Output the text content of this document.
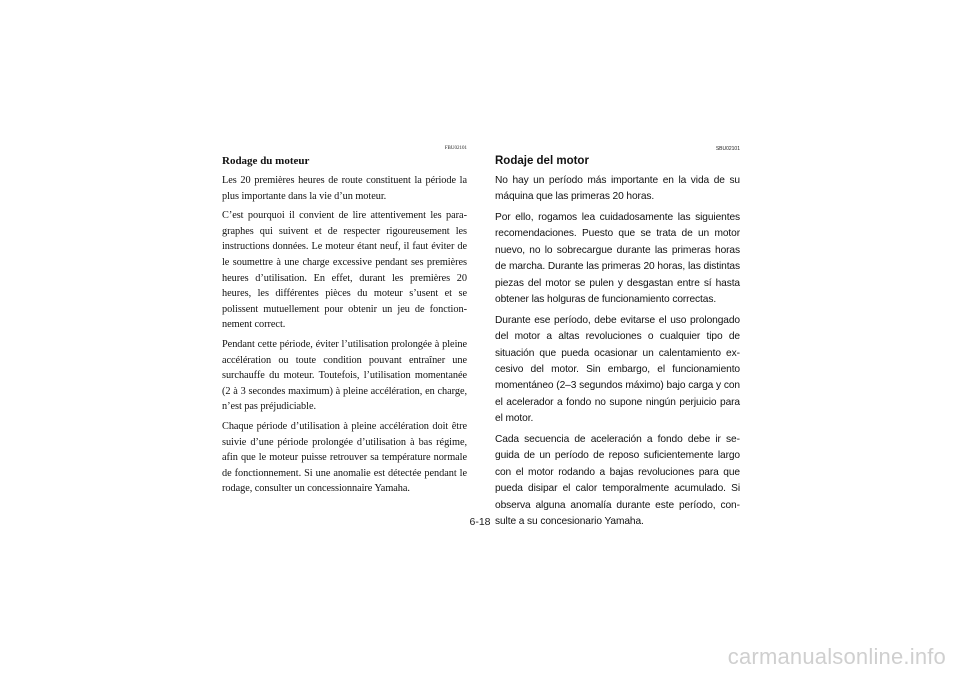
FBU02101
Rodage du moteur

Les 20 premières heures de route constituent la période la plus importante dans la vie d’un moteur.

C’est pourquoi il convient de lire attentivement les paragraphes qui suivent et de respecter rigoureusement les instructions données. Le moteur étant neuf, il faut éviter de le soumettre à une charge excessive pendant ses premières heures d’utilisation. En effet, durant les premières 20 heures, les différentes pièces du moteur s’usent et se polissent mutuellement pour obtenir un jeu de fonctionnement correct.

Pendant cette période, éviter l’utilisation prolongée à pleine accélération ou toute condition pouvant entraîner une surchauffe du moteur. Toutefois, l’utilisation momentanée (2 à 3 secondes maximum) à pleine accélération, en charge, n’est pas préjudiciable.

Chaque période d’utilisation à pleine accélération doit être suivie d’une période prolongée d’utilisation à bas régime, afin que le moteur puisse retrouver sa température normale de fonctionnement. Si une anomalie est détectée pendant le rodage, consulter un concessionnaire Yamaha.

SBU02101
Rodaje del motor

No hay un período más importante en la vida de su máquina que las primeras 20 horas.

Por ello, rogamos lea cuidadosamente las siguientes recomendaciones. Puesto que se trata de un motor nuevo, no lo sobrecargue durante las primeras horas de marcha. Durante las primeras 20 horas, las distintas piezas del motor se pulen y desgastan entre sí hasta obtener las holguras de funcionamiento correctas.

Durante ese período, debe evitarse el uso prolongado del motor a altas revoluciones o cualquier tipo de situación que pueda ocasionar un calentamiento excesivo del motor. Sin embargo, el funcionamiento momentáneo (2–3 segundos máximo) bajo carga y con el acelerador a fondo no supone ningún perjuicio para el motor.

Cada secuencia de aceleración a fondo debe ir seguida de un período de reposo suficientemente largo con el motor rodando a bajas revoluciones para que pueda disipar el calor temporalmente acumulado. Si observa alguna anomalía durante este período, consulte a su concesionario Yamaha.

6-18
carmanualsonline.info
